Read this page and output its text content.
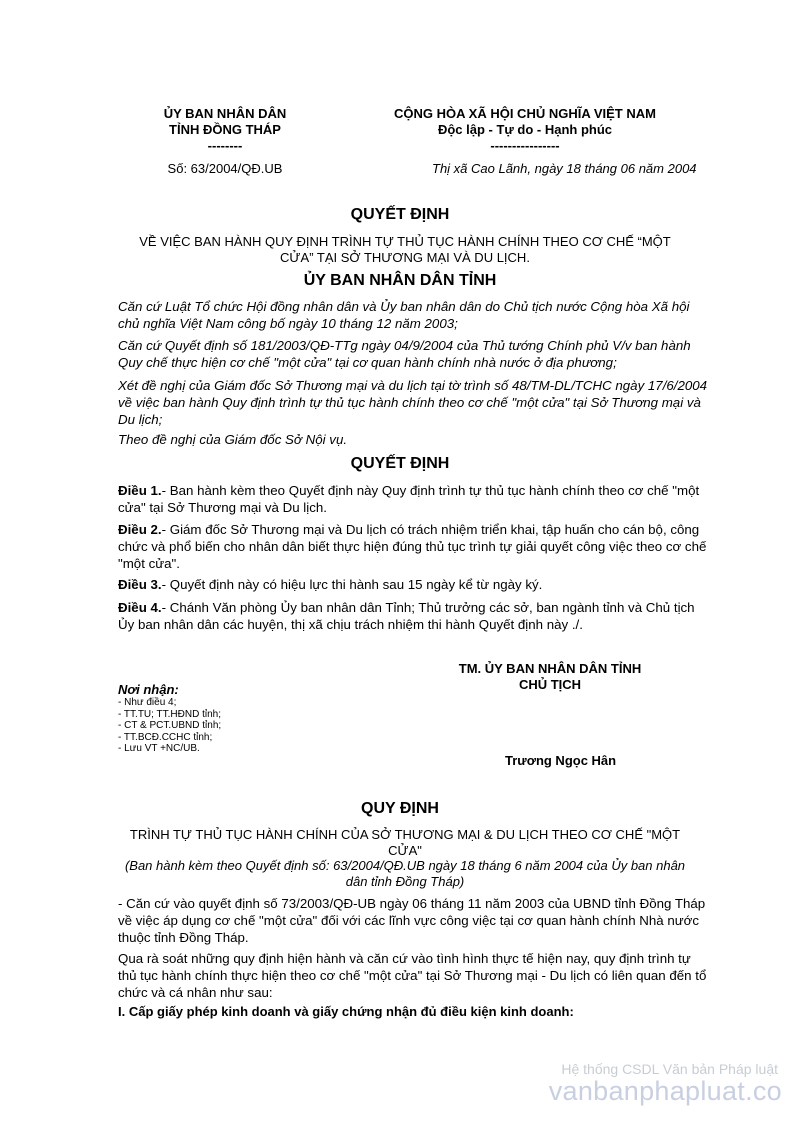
ỦY BAN NHÂN DÂN
TỈNH ĐỒNG THÁP
--------
Số: 63/2004/QĐ.UB
CỘNG HÒA XÃ HỘI CHỦ NGHĨA VIỆT NAM
Độc lập - Tự do - Hạnh phúc
----------------
Thị xã Cao Lãnh, ngày 18 tháng 06 năm 2004
QUYẾT ĐỊNH
VỀ VIỆC BAN HÀNH QUY ĐỊNH TRÌNH TỰ THỦ TỤC HÀNH CHÍNH THEO CƠ CHẾ “MỘT
CỬA” TẠI SỞ THƯƠNG MẠI VÀ DU LỊCH.
ỦY BAN NHÂN DÂN TỈNH
Căn cứ Luật Tổ chức Hội đồng nhân dân và Ủy ban nhân dân do Chủ tịch nước Cộng hòa Xã hội chủ nghĩa Việt Nam công bố ngày 10 tháng 12 năm 2003;
Căn cứ Quyết định số 181/2003/QĐ-TTg ngày 04/9/2004 của Thủ tướng Chính phủ V/v ban hành Quy chế thực hiện cơ chế "một cửa" tại cơ quan hành chính nhà nước ở địa phương;
Xét đề nghị của Giám đốc Sở Thương mại và du lịch tại tờ trình số 48/TM-DL/TCHC ngày 17/6/2004 về việc ban hành Quy định trình tự thủ tục hành chính theo cơ chế "một cửa" tại Sở Thương mại và Du lịch;
Theo đề nghị của Giám đốc Sở Nội vụ.
QUYẾT ĐỊNH
Điều 1.- Ban hành kèm theo Quyết định này Quy định trình tự thủ tục hành chính theo cơ chế "một cửa" tại Sở Thương mại và Du lịch.
Điều 2.- Giám đốc Sở Thương mại và Du lịch có trách nhiệm triển khai, tập huấn cho cán bộ, công chức và phổ biến cho nhân dân biết thực hiện đúng thủ tục trình tự giải quyết công việc theo cơ chế "một cửa".
Điều 3.- Quyết định này có hiệu lực thi hành sau 15 ngày kể từ ngày ký.
Điều 4.- Chánh Văn phòng Ủy ban nhân dân Tỉnh; Thủ trưởng các sở, ban ngành tỉnh và Chủ tịch Ủy ban nhân dân các huyện, thị xã chịu trách nhiệm thi hành Quyết định này ./.
TM. ỦY BAN NHÂN DÂN TỈNH
CHỦ TỊCH
Trương Ngọc Hân
Nơi nhận:
- Như điều 4;
- TT.TU; TT.HĐND tỉnh;
- CT & PCT.UBND tỉnh;
- TT.BCĐ.CCHC tỉnh;
- Lưu VT +NC/UB.
QUY ĐỊNH
TRÌNH TỰ THỦ TỤC HÀNH CHÍNH CỦA SỞ THƯƠNG MẠI & DU LỊCH THEO CƠ CHẾ "MỘT
CỬA"
(Ban hành kèm theo Quyết định số: 63/2004/QĐ.UB ngày 18 tháng 6 năm 2004 của Ủy ban nhân
dân tỉnh Đồng Tháp)
- Căn cứ vào quyết định số 73/2003/QĐ-UB ngày 06 tháng 11 năm 2003 của UBND tỉnh Đồng Tháp về việc áp dụng cơ chế "một cửa" đối với các lĩnh vực công việc tại cơ quan hành chính Nhà nước thuộc tỉnh Đồng Tháp.
Qua rà soát những quy định hiện hành và căn cứ vào tình hình thực tế hiện nay, quy định trình tự thủ tục hành chính thực hiện theo cơ chế "một cửa" tại Sở Thương mại - Du lịch có liên quan đến tổ chức và cá nhân như sau:
I. Cấp giấy phép kinh doanh và giấy chứng nhận đủ điều kiện kinh doanh:
Hệ thống CSDL Văn bản Pháp luật
vanbanphapluat.co
